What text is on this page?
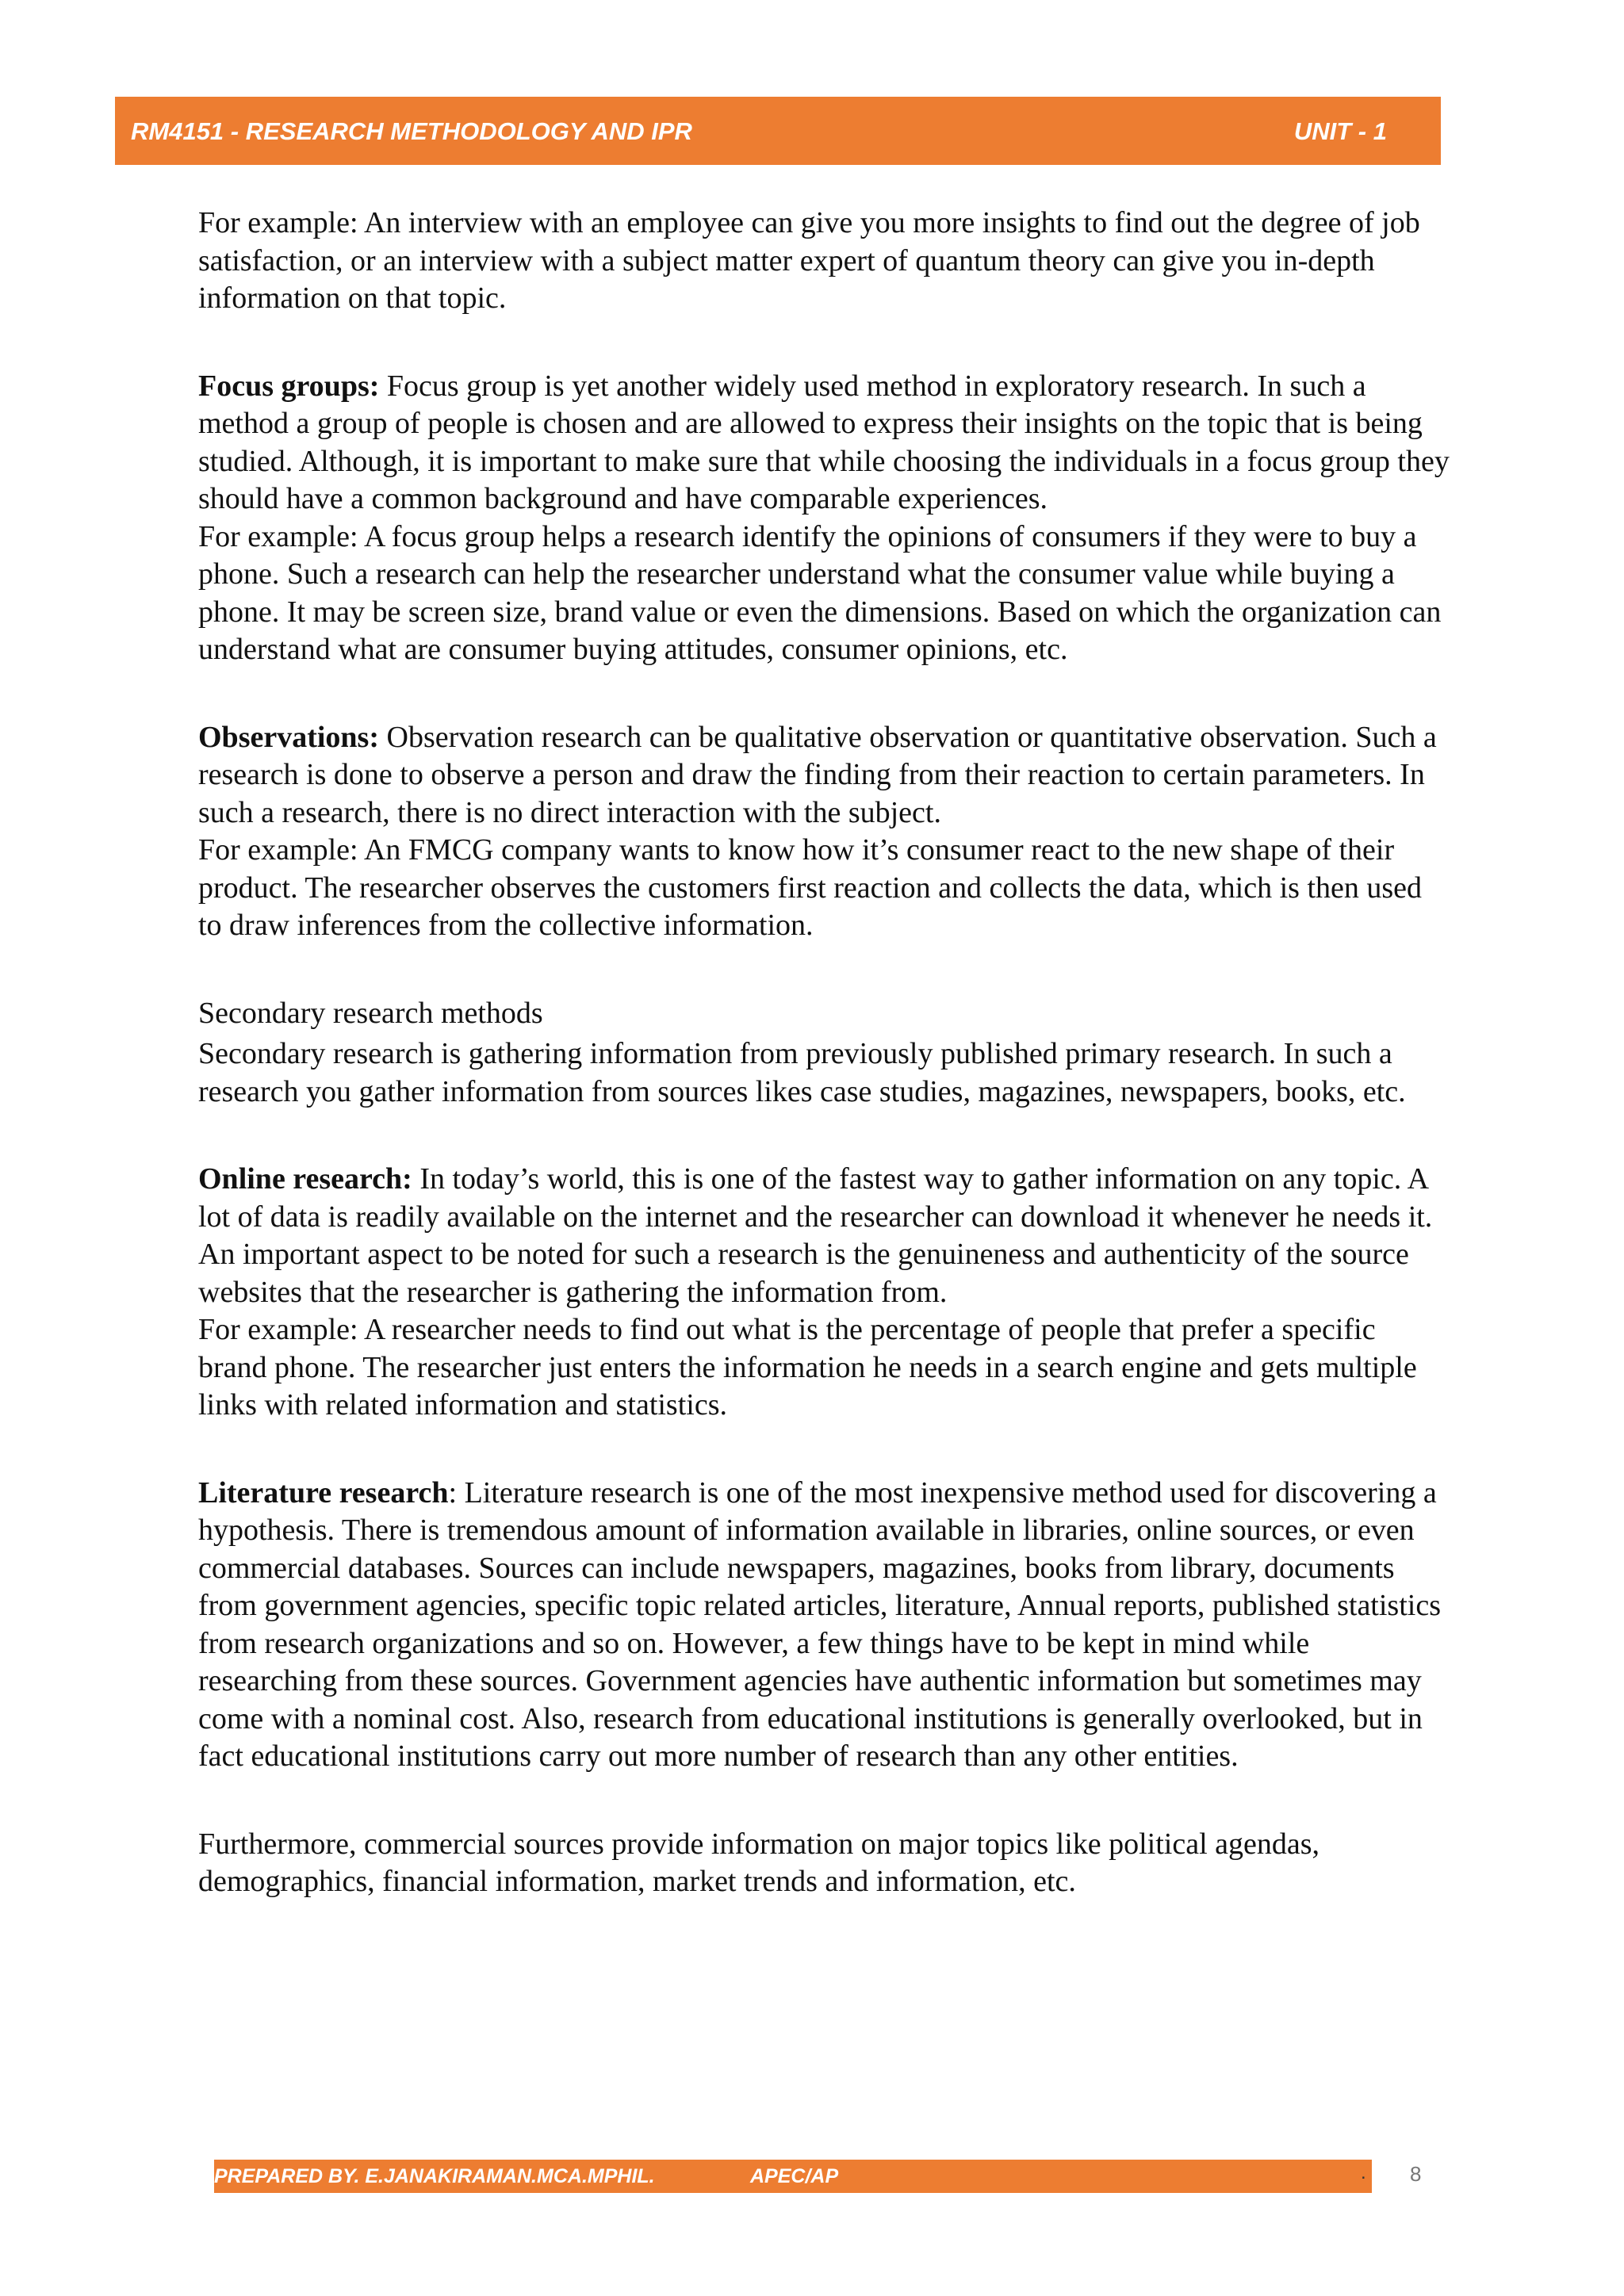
RM4151 - RESEARCH METHODOLOGY AND IPR	UNIT - 1

For example: An interview with an employee can give you more insights to find out the degree of job satisfaction, or an interview with a subject matter expert of quantum theory can give you in-depth information on that topic.

Focus groups: Focus group is yet another widely used method in exploratory research. In such a method a group of people is chosen and are allowed to express their insights on the topic that is being studied. Although, it is important to make sure that while choosing the individuals in a focus group they should have a common background and have comparable experiences.

For example: A focus group helps a research identify the opinions of consumers if they were to buy a phone. Such a research can help the researcher understand what the consumer value while buying a phone. It may be screen size, brand value or even the dimensions. Based on which the organization can understand what are consumer buying attitudes, consumer opinions, etc.

Observations: Observation research can be qualitative observation or quantitative observation. Such a research is done to observe a person and draw the finding from their reaction to certain parameters. In such a research, there is no direct interaction with the subject.

For example: An FMCG company wants to know how it’s consumer react to the new shape of their product. The researcher observes the customers first reaction and collects the data, which is then used to draw inferences from the collective information.

Secondary research methods

Secondary research is gathering information from previously published primary research. In such a research you gather information from sources likes case studies, magazines, newspapers, books, etc.

Online research: In today’s world, this is one of the fastest way to gather information on any topic. A lot of data is readily available on the internet and the researcher can download it whenever he needs it. An important aspect to be noted for such a research is the genuineness and authenticity of the source websites that the researcher is gathering the information from.

For example: A researcher needs to find out what is the percentage of people that prefer a specific brand phone. The researcher just enters the information he needs in a search engine and gets multiple links with related information and statistics.

Literature research: Literature research is one of the most inexpensive method used for discovering a hypothesis. There is tremendous amount of information available in libraries, online sources, or even commercial databases. Sources can include newspapers, magazines, books from library, documents from government agencies, specific topic related articles, literature, Annual reports, published statistics from research organizations and so on. However, a few things have to be kept in mind while researching from these sources. Government agencies have authentic information but sometimes may come with a nominal cost. Also, research from educational institutions is generally overlooked, but in fact educational institutions carry out more number of research than any other entities.

Furthermore, commercial sources provide information on major topics like political agendas, demographics, financial information, market trends and information, etc.

PREPARED BY. E.JANAKIRAMAN.MCA.MPHIL.	APEC/AP	. 8
